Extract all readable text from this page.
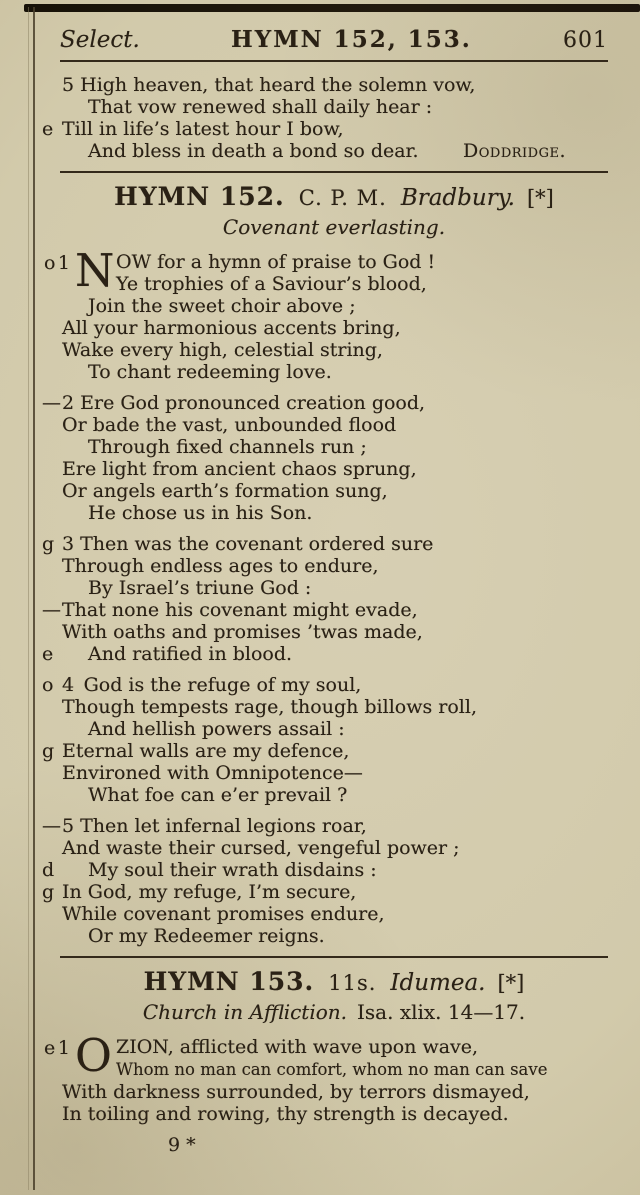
Select.	HYMN 152, 153.	601
5 High heaven, that heard the solemn vow,
That vow renewed shall daily hear :
e Till in life’s latest hour I bow,
And bless in death a bond so dear. Doddridge.
HYMN 152. C. P. M. Bradbury. [*]
Covenant everlasting.
o 1 N OW for a hymn of praise to God !
Ye trophies of a Saviour’s blood,
Join the sweet choir above ;
All your harmonious accents bring,
Wake every high, celestial string,
To chant redeeming love.
— 2 Ere God pronounced creation good,
Or bade the vast, unbounded flood
Through fixed channels run ;
Ere light from ancient chaos sprung,
Or angels earth’s formation sung,
He chose us in his Son.
g 3 Then was the covenant ordered sure
Through endless ages to endure,
By Israel’s triune God :
— That none his covenant might evade,
With oaths and promises ’twas made,
e	And ratified in blood.
o 4 God is the refuge of my soul,
Though tempests rage, though billows roll,
And hellish powers assail :
g Eternal walls are my defence,
Environed with Omnipotence—
What foe can e’er prevail ?
— 5 Then let infernal legions roar,
And waste their cursed, vengeful power ;
d	My soul their wrath disdains :
g In God, my refuge, I’m secure,
While covenant promises endure,
Or my Redeemer reigns.
HYMN 153. 11s. Idumea. [*]
Church in Affliction. Isa. xlix. 14—17.
e 1 O ZION, afflicted with wave upon wave,
Whom no man can comfort, whom no man can save
With darkness surrounded, by terrors dismayed,
In toiling and rowing, thy strength is decayed.
9 *
